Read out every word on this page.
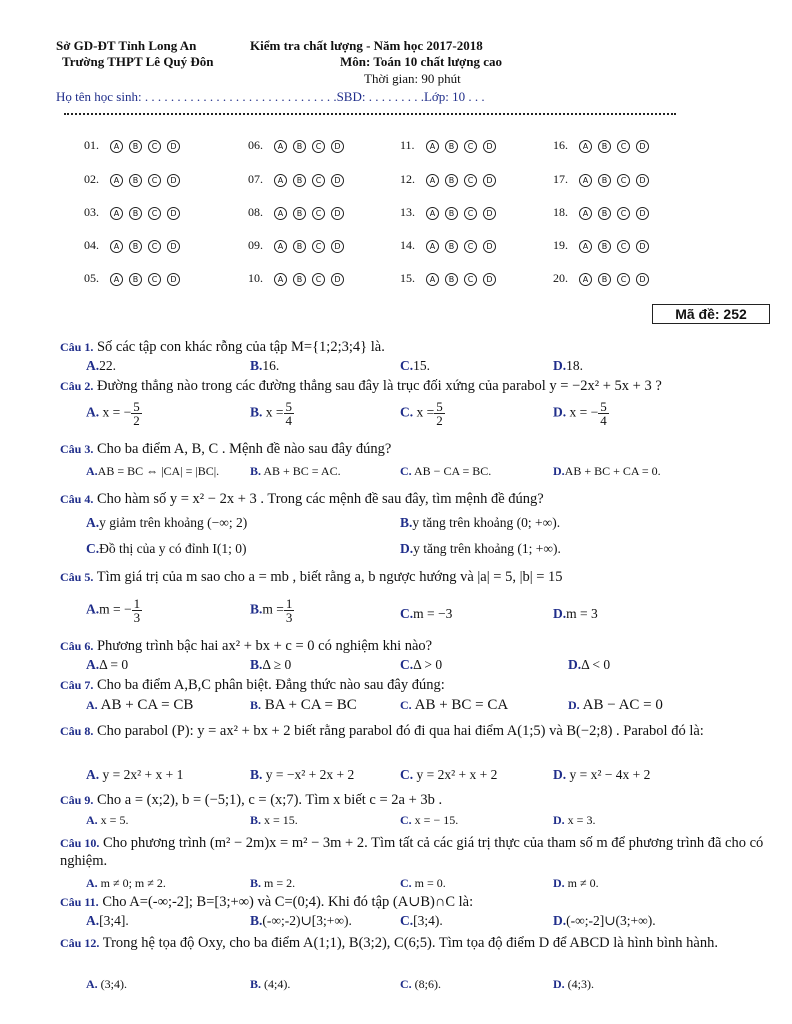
Sở GD-ĐT Tỉnh Long An
Trường THPT Lê Quý Đôn
Kiểm tra chất lượng - Năm học 2017-2018
Môn: Toán 10 chất lượng cao
Thời gian: 90 phút
Họ tên học sinh: . . . . . . . . . . . . . . . . . . . . . . . . . . . . . .SBD: . . . . . . . . .Lớp: 10 . . .
01. A B C D
02. A B C D
03. A B C D
04. A B C D
05. A B C D
06. A B C D
07. A B C D
08. A B C D
09. A B C D
10. A B C D
11. A B C D
12. A B C D
13. A B C D
14. A B C D
15. A B C D
16. A B C D
17. A B C D
18. A B C D
19. A B C D
20. A B C D
Mã đề: 252
Câu 1. Số các tập con khác rỗng của tập M={1;2;3;4} là.
A.22.	B.16.	C.15.	D.18.
Câu 2. Đường thẳng nào trong các đường thẳng sau đây là trục đối xứng của parabol y = −2x² + 5x + 3 ?
A. x = − $\frac{5}{2}$	B. $x = \frac{5}{4}$	C. $x = \frac{5}{2}$	D. x = − $\frac{5}{4}$
Câu 3. Cho ba điểm A, B, C . Mệnh đề nào sau đây đúng?
A.AB = BC ⇔ |CA| = |BC|.	B. AB + BC = AC.	C. AB − CA = BC.	D.AB + BC + CA = 0.
Câu 4. Cho hàm số y = x² − 2x + 3 . Trong các mệnh đề sau đây, tìm mệnh đề đúng?
A.y giảm trên khoảng (−∞; 2)	B.y tăng trên khoảng (0; +∞).
C.Đồ thị của y có đỉnh I(1; 0)	D.y tăng trên khoảng (1; +∞).
Câu 5. Tìm giá trị của m sao cho a = mb , biết rằng a, b ngược hướng và |a| = 5, |b| = 15
A.m = − $\frac{1}{3}$	$B.m = \frac{1}{3}$	C.m = −3	D.m = 3
Câu 6. Phương trình bậc hai ax² + bx + c = 0 có nghiệm khi nào?
A.Δ = 0	B.Δ ≥ 0	C.Δ > 0	D.Δ < 0
Câu 7. Cho ba điểm A,B,C phân biệt. Đẳng thức nào sau đây đúng:
A. AB + CA = CB	B. BA + CA = BC	C. AB + BC = CA	D. AB − AC = 0
Câu 8. Cho parabol (P): y = ax² + bx + 2 biết rằng parabol đó đi qua hai điểm A(1;5) và B(−2;8) . Parabol đó là:
A. y = 2x² + x + 1	B. y = −x² + 2x + 2	C. y = 2x² + x + 2	D. y = x² − 4x + 2
Câu 9. Cho a = (x;2), b = (−5;1), c = (x;7). Tìm x biết c = 2a + 3b .
A. x = 5.	B. x = 15.	C. x = − 15.	D. x = 3.
Câu 10. Cho phương trình (m² − 2m)x = m² − 3m + 2. Tìm tất cả các giá trị thực của tham số m để phương trình đã cho có nghiệm.
A. m ≠ 0; m ≠ 2.	B. m = 2.	C. m = 0.	D. m ≠ 0.
Câu 11. Cho A=(-∞;-2]; B=[3;+∞) và C=(0;4). Khi đó tập (A∪B)∩C là:
A.[3;4].	B.(-∞;-2)∪[3;+∞).	C.[3;4).	D.(-∞;-2]∪(3;+∞).
Câu 12. Trong hệ tọa độ Oxy, cho ba điểm A(1;1), B(3;2), C(6;5). Tìm tọa độ điểm D để ABCD là hình bình hành.
A. (3;4).	B. (4;4).	C. (8;6).	D. (4;3).
